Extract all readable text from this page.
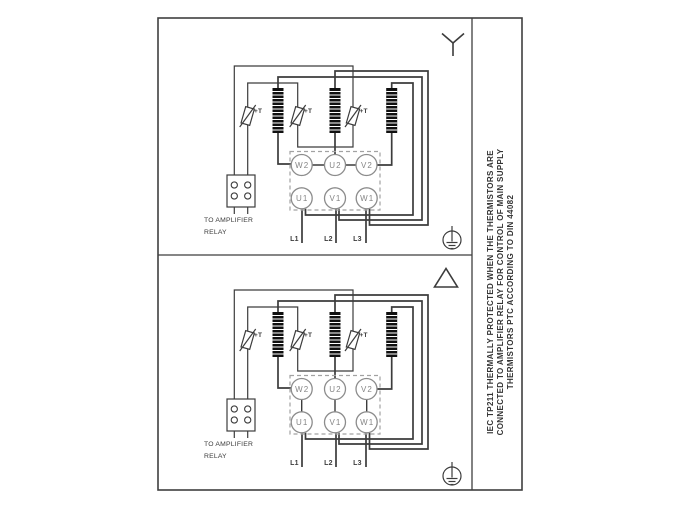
+T	+T	+T
TO AMPLIFIER
RELAY
W2 U2 V2
U1	V1 W1
L1	L2	L3
+T	+T	+T
TO AMPLIFIER
RELAY
W2 U2 V2
U1	V1 W1
L1	L2	L3
IEC TP211 THERMALLY PROTECTED WHEN THE THERMISTORS ARE CONNECTED TO AMPLIFIER RELAY FOR CONTROL OF MAIN SUPPLY THERMISTORS PTC ACCORDING TO DIN 44082
